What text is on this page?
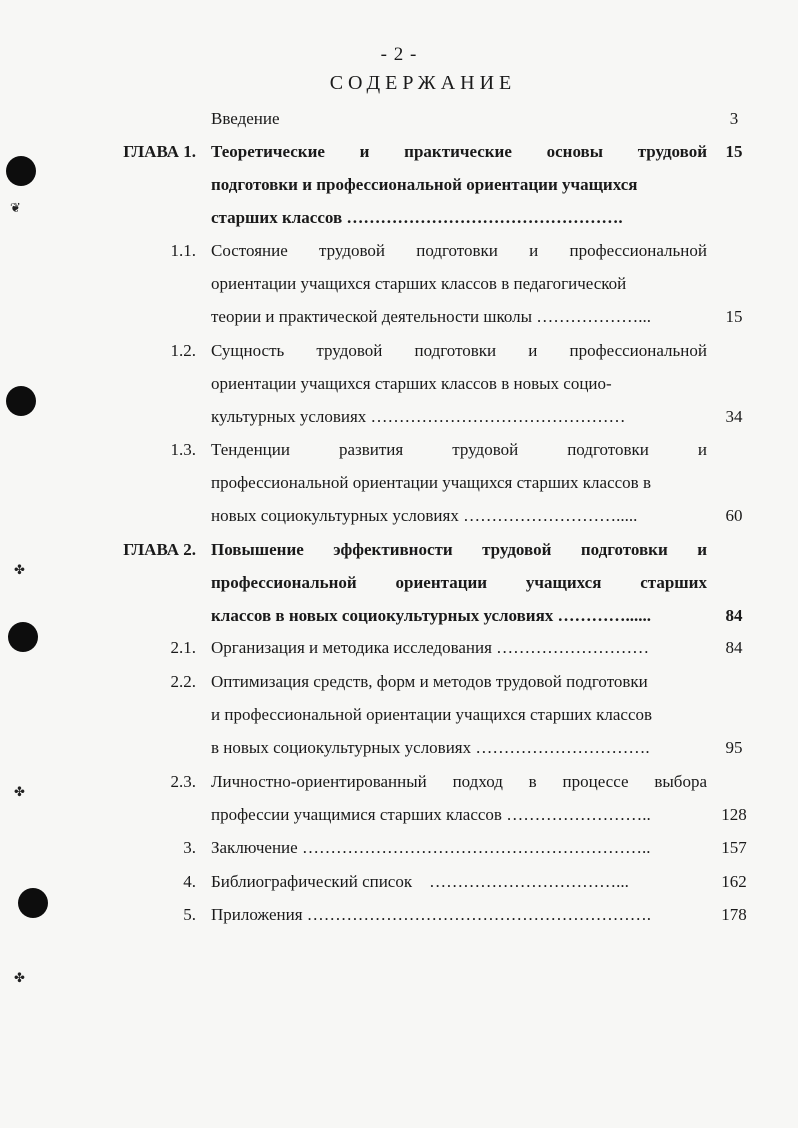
❦
✤
✤
✤
- 2 -
СОДЕРЖАНИЕ
Введение	3
ГЛАВА 1. Теоретические и практические основы трудовой	15
подготовки и профессиональной ориентации учащихся
старших классов ………………………………………….
1.1. Состояние трудовой подготовки и профессиональной
ориентации учащихся старших классов в педагогической
теории и практической деятельности школы ………………...	15
1.2. Сущность трудовой подготовки и профессиональной
ориентации учащихся старших классов в новых социо-
культурных условиях ………………………………………	34
1.3. Тенденции	развития	трудовой	подготовки	и
профессиональной ориентации учащихся старших классов в
новых социокультурных условиях ……………………….....	60
ГЛАВА 2. Повышение эффективности трудовой подготовки и
профессиональной ориентации учащихся старших
классов в новых социокультурных условиях …………......	84
2.1. Организация и методика исследования ………………………	84
2.2. Оптимизация средств, форм и методов трудовой подготовки
и профессиональной ориентации учащихся старших классов
в новых социокультурных условиях ………………………….	95
2.3. Личностно-ориентированный подход в процессе выбора
профессии учащимися старших классов ……………………..	128
3. Заключение ……………………………………………………..	157
4. Библиографический список    ……………………………...	162
5. Приложения …………………………………………………….	178
